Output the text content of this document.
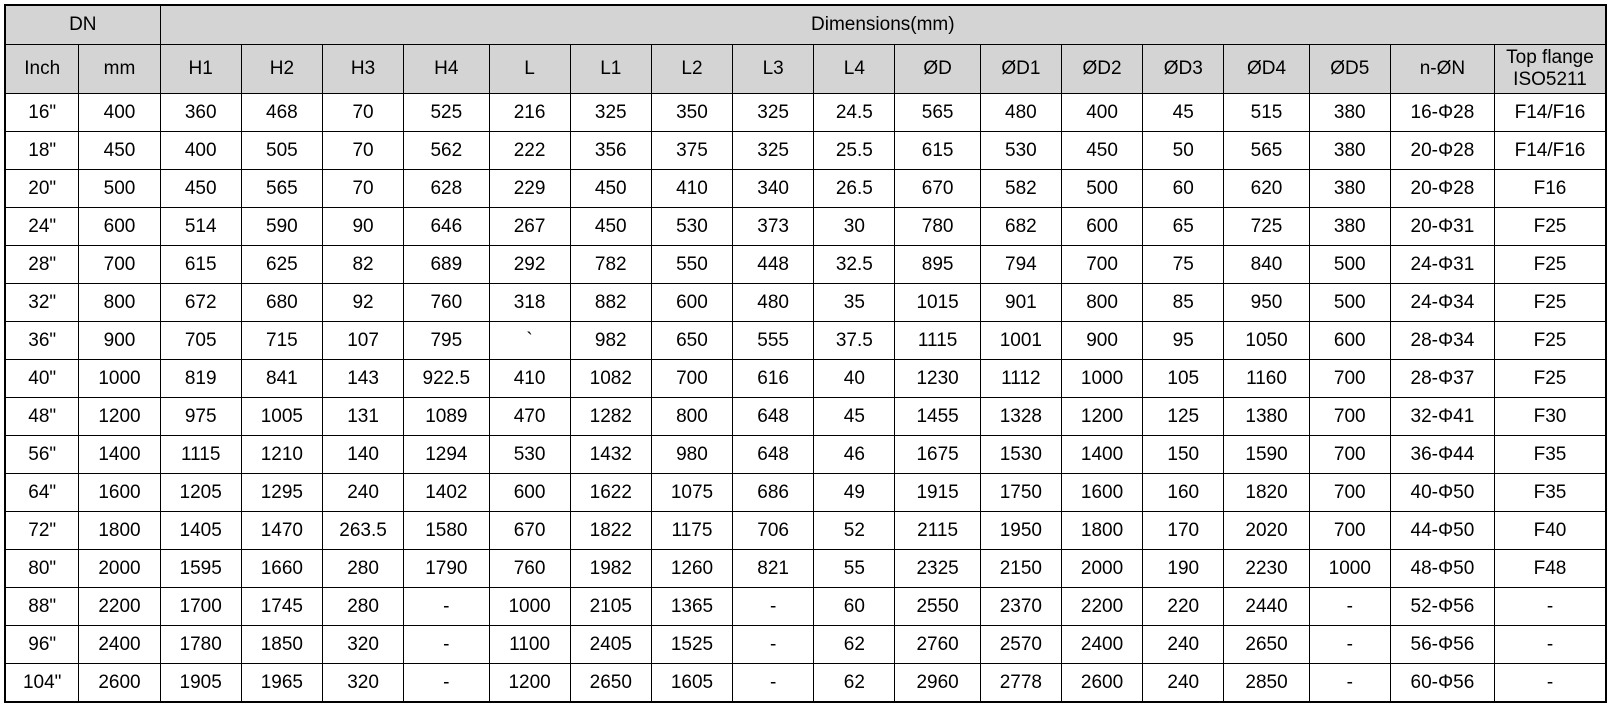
DN		Dimensions(mm)																
Inch	mm	H1	H2	H3	H4	L	L1	L2	L3	L4	ØD	ØD1	ØD2	ØD3	ØD4	ØD5	n-ØN	Top flange
ISO5211

16"	400	360	468	70	525	216	325	350	325	24.5	565	480	400	45	515	380	16-Φ28	F14/F16
18"	450	400	505	70	562	222	356	375	325	25.5	615	530	450	50	565	380	20-Φ28	F14/F16
20"	500	450	565	70	628	229	450	410	340	26.5	670	582	500	60	620	380	20-Φ28	F16
24"	600	514	590	90	646	267	450	530	373	30	780	682	600	65	725	380	20-Φ31	F25
28"	700	615	625	82	689	292	782	550	448	32.5	895	794	700	75	840	500	24-Φ31	F25
32"	800	672	680	92	760	318	882	600	480	35	1015	901	800	85	950	500	24-Φ34	F25
36"	900	705	715	107	795	`	982	650	555	37.5	1115	1001	900	95	1050	600	28-Φ34	F25
40"	1000	819	841	143	922.5	410	1082	700	616	40	1230	1112	1000	105	1160	700	28-Φ37	F25
48"	1200	975	1005	131	1089	470	1282	800	648	45	1455	1328	1200	125	1380	700	32-Φ41	F30
56"	1400	1115	1210	140	1294	530	1432	980	648	46	1675	1530	1400	150	1590	700	36-Φ44	F35
64"	1600	1205	1295	240	1402	600	1622	1075	686	49	1915	1750	1600	160	1820	700	40-Φ50	F35
72"	1800	1405	1470	263.5	1580	670	1822	1175	706	52	2115	1950	1800	170	2020	700	44-Φ50	F40
80"	2000	1595	1660	280	1790	760	1982	1260	821	55	2325	2150	2000	190	2230	1000	48-Φ50	F48
88"	2200	1700	1745	280	-	1000	2105	1365	-	60	2550	2370	2200	220	2440	-	52-Φ56	-
96"	2400	1780	1850	320	-	1100	2405	1525	-	62	2760	2570	2400	240	2650	-	56-Φ56	-
104"	2600	1905	1965	320	-	1200	2650	1605	-	62	2960	2778	2600	240	2850	-	60-Φ56	-
